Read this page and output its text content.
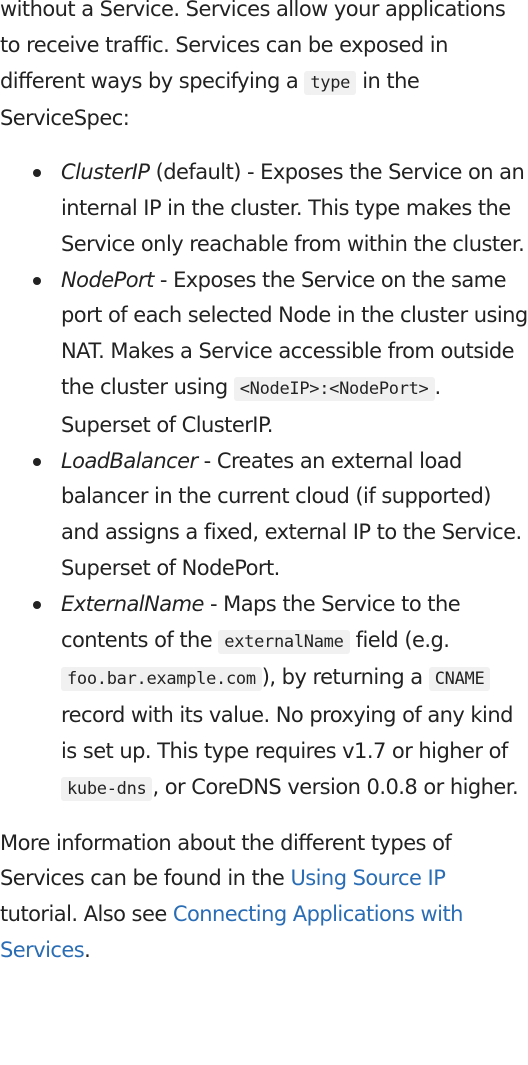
without a Service. Services allow your applications to receive traffic. Services can be exposed in different ways by specifying a type in the ServiceSpec:

ClusterIP (default) - Exposes the Service on an internal IP in the cluster. This type makes the Service only reachable from within the cluster.
NodePort - Exposes the Service on the same port of each selected Node in the cluster using NAT. Makes a Service accessible from outside the cluster using <NodeIP>:<NodePort> . Superset of ClusterIP.
LoadBalancer - Creates an external load balancer in the current cloud (if supported) and assigns a fixed, external IP to the Service. Superset of NodePort.
ExternalName - Maps the Service to the contents of the externalName field (e.g. foo.bar.example.com ), by returning a CNAME record with its value. No proxying of any kind is set up. This type requires v1.7 or higher of kube-dns , or CoreDNS version 0.0.8 or higher.

More information about the different types of Services can be found in the Using Source IP tutorial. Also see Connecting Applications with Services.
